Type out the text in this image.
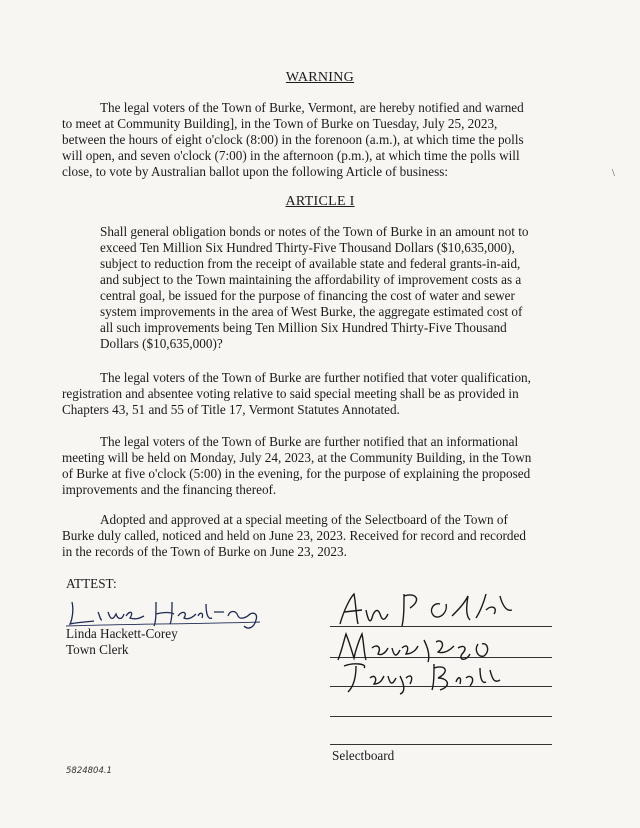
WARNING
The legal voters of the Town of Burke, Vermont, are hereby notified and warned
to meet at Community Building], in the Town of Burke on Tuesday, July 25, 2023,
between the hours of eight o'clock (8:00) in the forenoon (a.m.), at which time the polls
will open, and seven o'clock (7:00) in the afternoon (p.m.), at which time the polls will
close, to vote by Australian ballot upon the following Article of business:	\
ARTICLE I
Shall general obligation bonds or notes of the Town of Burke in an amount not to
exceed Ten Million Six Hundred Thirty-Five Thousand Dollars ($10,635,000),
subject to reduction from the receipt of available state and federal grants-in-aid,
and subject to the Town maintaining the affordability of improvement costs as a
central goal, be issued for the purpose of financing the cost of water and sewer
system improvements in the area of West Burke, the aggregate estimated cost of
all such improvements being Ten Million Six Hundred Thirty-Five Thousand
Dollars ($10,635,000)?
The legal voters of the Town of Burke are further notified that voter qualification,
registration and absentee voting relative to said special meeting shall be as provided in
Chapters 43, 51 and 55 of Title 17, Vermont Statutes Annotated.
The legal voters of the Town of Burke are further notified that an informational
meeting will be held on Monday, July 24, 2023, at the Community Building, in the Town
of Burke at five o'clock (5:00) in the evening, for the purpose of explaining the proposed
improvements and the financing thereof.
Adopted and approved at a special meeting of the Selectboard of the Town of
Burke duly called, noticed and held on June 23, 2023. Received for record and recorded
in the records of the Town of Burke on June 23, 2023.
ATTEST:
Linda Hackett-Corey
Town Clerk
Selectboard
5824804.1
